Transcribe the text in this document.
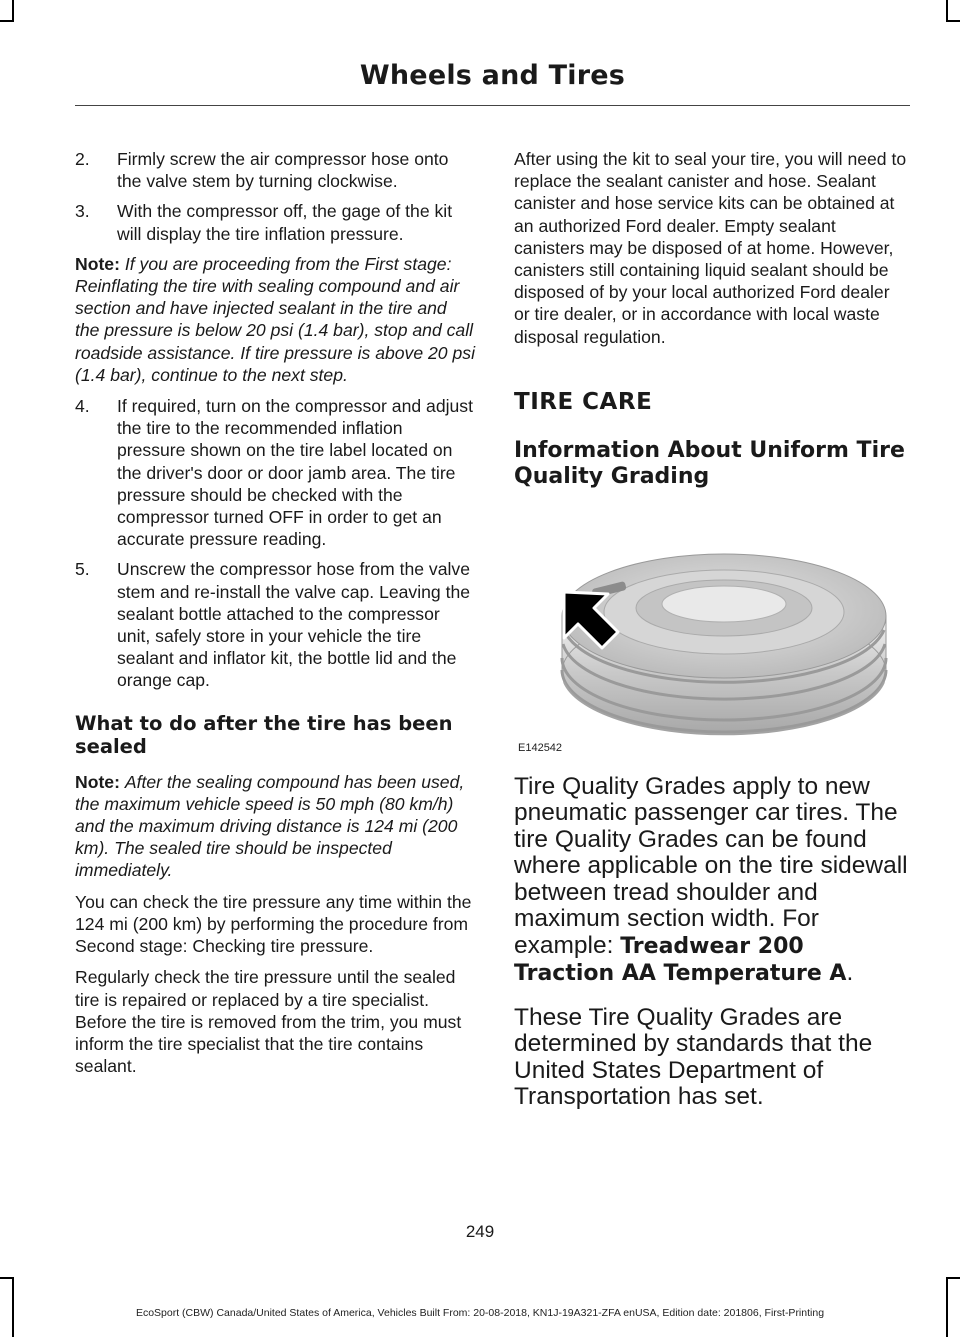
Wheels and Tires
2.	Firmly screw the air compressor hose onto the valve stem by turning clockwise.
3.	With the compressor off, the gage of the kit will display the tire inflation pressure.

Note: If you are proceeding from the First stage: Reinflating the tire with sealing compound and air section and have injected sealant in the tire and the pressure is below 20 psi (1.4 bar), stop and call roadside assistance. If tire pressure is above 20 psi (1.4 bar), continue to the next step.

4.	If required, turn on the compressor and adjust the tire to the recommended inflation pressure shown on the tire label located on the driver's door or door jamb area. The tire pressure should be checked with the compressor turned OFF in order to get an accurate pressure reading.
5.	Unscrew the compressor hose from the valve stem and re-install the valve cap. Leaving the sealant bottle attached to the compressor unit, safely store in your vehicle the tire sealant and inflator kit, the bottle lid and the orange cap.
What to do after the tire has been sealed

Note: After the sealing compound has been used, the maximum vehicle speed is 50 mph (80 km/h) and the maximum driving distance is 124 mi (200 km). The sealed tire should be inspected immediately.

You can check the tire pressure any time within the 124 mi (200 km) by performing the procedure from Second stage: Checking tire pressure.

Regularly check the tire pressure until the sealed tire is repaired or replaced by a tire specialist. Before the tire is removed from the trim, you must inform the tire specialist that the tire contains sealant.

After using the kit to seal your tire, you will need to replace the sealant canister and hose. Sealant canister and hose service kits can be obtained at an authorized Ford dealer. Empty sealant canisters may be disposed of at home. However, canisters still containing liquid sealant should be disposed of by your local authorized Ford dealer or tire dealer, or in accordance with local waste disposal regulation.

TIRE CARE
Information About Uniform Tire Quality Grading
E142542

Tire Quality Grades apply to new pneumatic passenger car tires. The tire Quality Grades can be found where applicable on the tire sidewall between tread shoulder and maximum section width. For example: Treadwear 200 Traction AA Temperature A.

These Tire Quality Grades are determined by standards that the United States Department of Transportation has set.

249
EcoSport (CBW) Canada/United States of America, Vehicles Built From: 20-08-2018, KN1J-19A321-ZFA enUSA, Edition date: 201806, First-Printing
